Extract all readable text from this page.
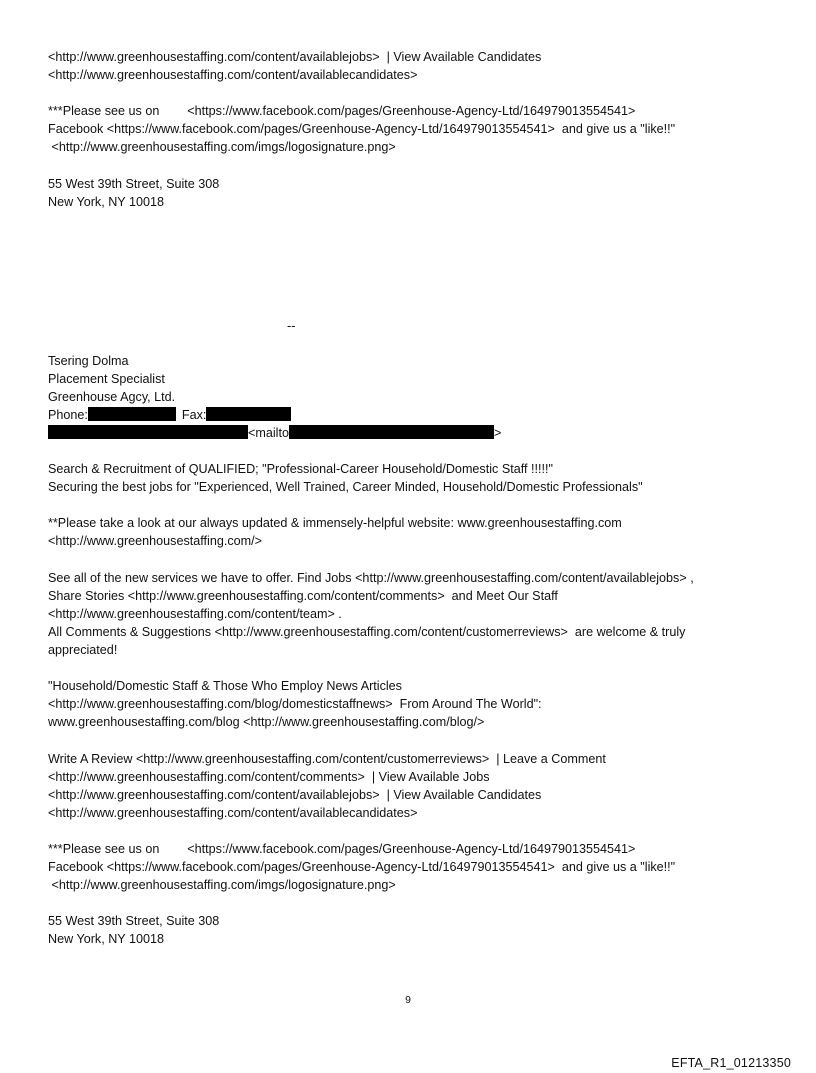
<http://www.greenhousestaffing.com/content/availablejobs>  | View Available Candidates
<http://www.greenhousestaffing.com/content/availablecandidates>

***Please see us on        <https://www.facebook.com/pages/Greenhouse-Agency-Ltd/164979013554541>
Facebook <https://www.facebook.com/pages/Greenhouse-Agency-Ltd/164979013554541>  and give us a "like!!"
<http://www.greenhousestaffing.com/imgs/logosignature.png>

55 West 39th Street, Suite 308
New York, NY 10018
--
Tsering Dolma
Placement Specialist
Greenhouse Agcy, Ltd.
Phone:	Fax:
<mailto	>
Search & Recruitment of QUALIFIED; "Professional-Career Household/Domestic Staff !!!!!"
Securing the best jobs for "Experienced, Well Trained, Career Minded, Household/Domestic Professionals"

**Please take a look at our always updated & immensely-helpful website: www.greenhousestaffing.com
<http://www.greenhousestaffing.com/>

See all of the new services we have to offer. Find Jobs <http://www.greenhousestaffing.com/content/availablejobs> ,
Share Stories <http://www.greenhousestaffing.com/content/comments>  and Meet Our Staff
<http://www.greenhousestaffing.com/content/team> .
All Comments & Suggestions <http://www.greenhousestaffing.com/content/customerreviews>  are welcome & truly
appreciated!

"Household/Domestic Staff & Those Who Employ News Articles
<http://www.greenhousestaffing.com/blog/domesticstaffnews>  From Around The World":
www.greenhousestaffing.com/blog <http://www.greenhousestaffing.com/blog/>

Write A Review <http://www.greenhousestaffing.com/content/customerreviews>  | Leave a Comment
<http://www.greenhousestaffing.com/content/comments>  | View Available Jobs
<http://www.greenhousestaffing.com/content/availablejobs>  | View Available Candidates
<http://www.greenhousestaffing.com/content/availablecandidates>

***Please see us on        <https://www.facebook.com/pages/Greenhouse-Agency-Ltd/164979013554541>
Facebook <https://www.facebook.com/pages/Greenhouse-Agency-Ltd/164979013554541>  and give us a "like!!"
<http://www.greenhousestaffing.com/imgs/logosignature.png>

55 West 39th Street, Suite 308
New York, NY 10018
9
EFTA_R1_01213350
